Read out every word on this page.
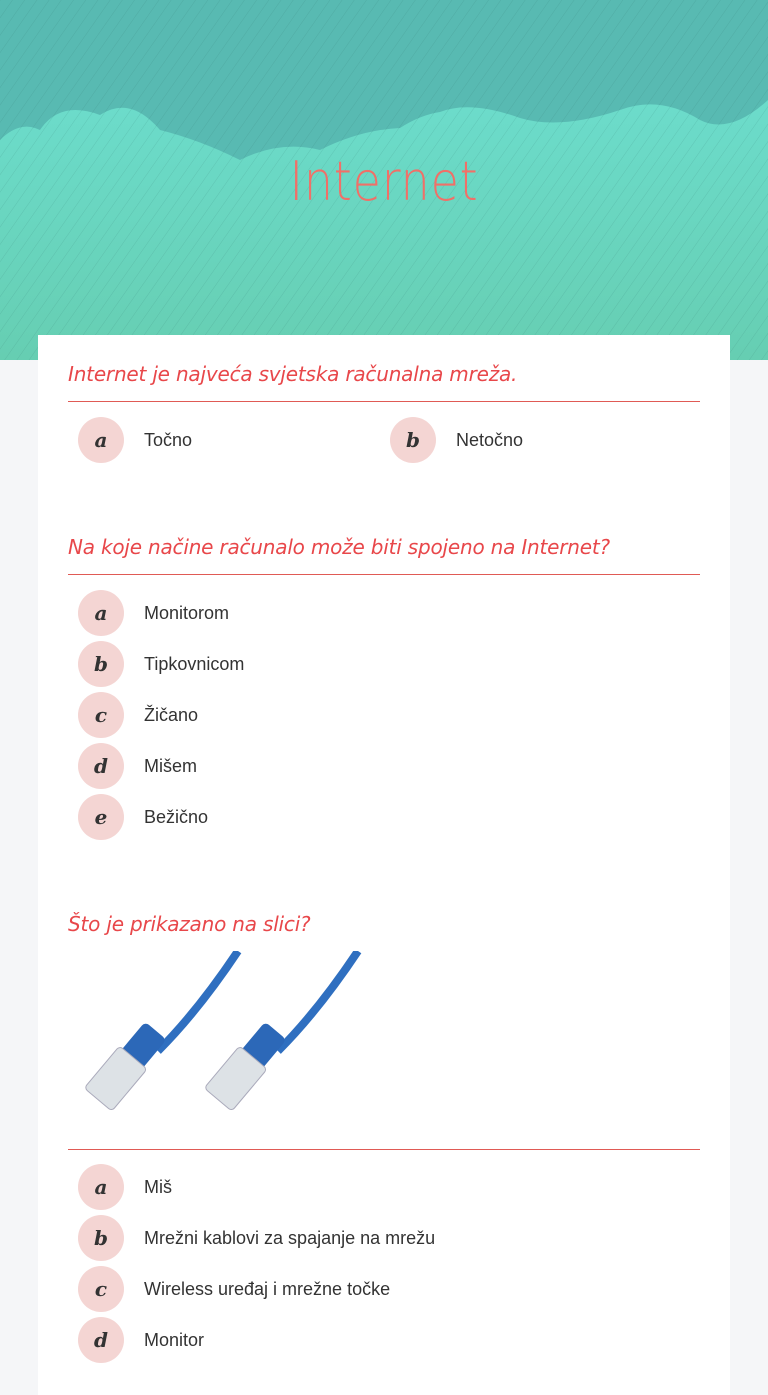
Internet
Internet je najveća svjetska računalna mreža.
a	Točno	b	Netočno
Na koje načine računalo može biti spojeno na Internet?
a	Monitorom
b	Tipkovnicom
c	Žičano
d	Mišem
e	Bežično
Što je prikazano na slici?
a	Miš
b	Mrežni kablovi za spajanje na mrežu
c	Wireless uređaj i mrežne točke
d	Monitor
